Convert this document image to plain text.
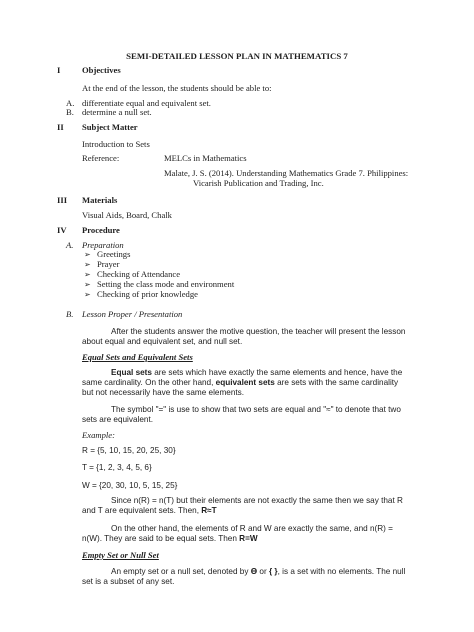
SEMI-DETAILED LESSON PLAN IN MATHEMATICS 7
I	Objectives
At the end of the lesson, the students should be able to:
A. differentiate equal and equivalent set.
B. determine a null set.
II Subject Matter
Introduction to Sets
Reference:	MELCs in Mathematics
Malate, J. S. (2014). Understanding Mathematics Grade 7. Philippines:
Vicarish Publication and Trading, Inc.
III Materials
Visual Aids, Board, Chalk
IV Procedure
A. Preparation
➢ Greetings
➢ Prayer
➢ Checking of Attendance
➢ Setting the class mode and environment
➢ Checking of prior knowledge
B. Lesson Proper / Presentation
After the students answer the motive question, the teacher will present the lesson
about equal and equivalent set, and null set.
Equal Sets and Equivalent Sets
Equal sets are sets which have exactly the same elements and hence, have the
same cardinality. On the other hand, equivalent sets are sets with the same cardinality
but not necessarily have the same elements.
The symbol "=" is use to show that two sets are equal and "≈" to denote that two
sets are equivalent.
Example:
R = {5, 10, 15, 20, 25, 30}
T = {1, 2, 3, 4, 5, 6}
W = {20, 30, 10, 5, 15, 25}
Since n(R) = n(T) but their elements are not exactly the same then we say that R
and T are equivalent sets. Then, R≈T
On the other hand, the elements of R and W are exactly the same, and n(R) =
n(W). They are said to be equal sets. Then R=W
Empty Set or Null Set
An empty set or a null set, denoted by ϴ or { }, is a set with no elements. The null
set is a subset of any set.
